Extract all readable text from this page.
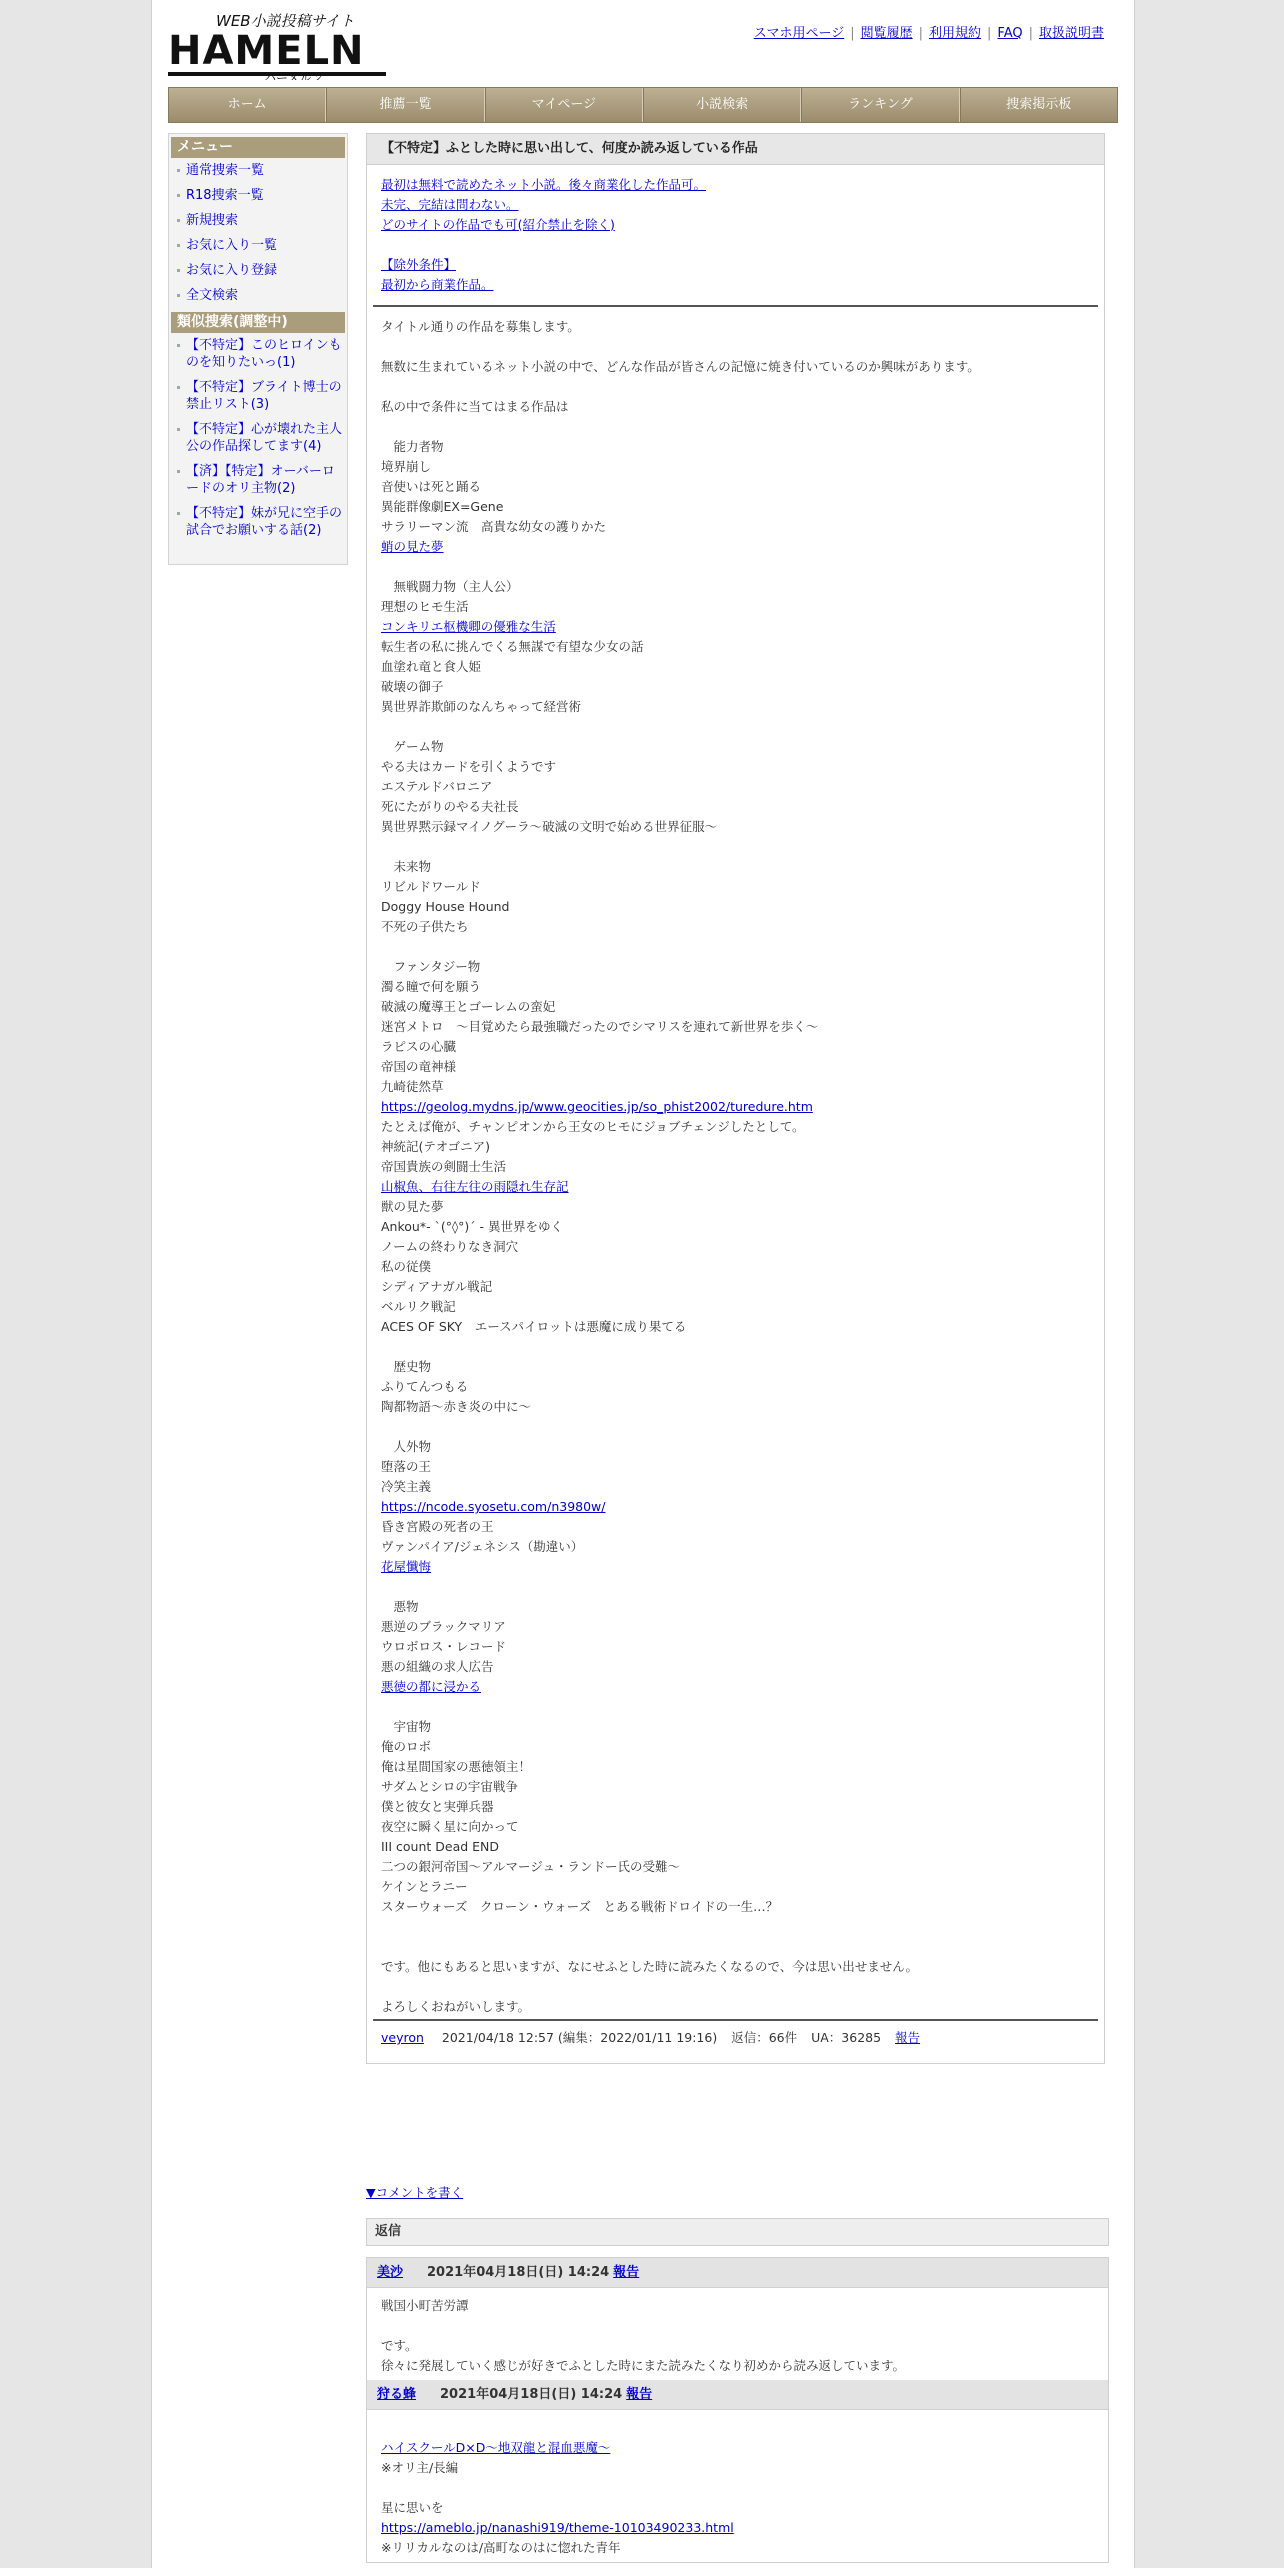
WEB小説投稿サイト
HAMELN
ハーメルン
スマホ用ページ | 閲覧履歴 | 利用規約 | FAQ | 取扱説明書
ホーム	推薦一覧	マイページ	小説検索	ランキング	捜索掲示板
メニュー
通常捜索一覧
R18捜索一覧
新規捜索
お気に入り一覧
お気に入り登録
全文検索
類似捜索(調整中)
【不特定】このヒロインものを知りたいっ(1)
【不特定】ブライト博士の禁止リスト(3)
【不特定】心が壊れた主人公の作品探してます(4)
【済】【特定】オーバーロードのオリ主物(2)
【不特定】妹が兄に空手の試合でお願いする話(2)
【不特定】ふとした時に思い出して、何度か読み返している作品
最初は無料で読めたネット小説。後々商業化した作品可。
未完、完結は問わない。
どのサイトの作品でも可(紹介禁止を除く)
【除外条件】
最初から商業作品。
タイトル通りの作品を募集します。
無数に生まれているネット小説の中で、どんな作品が皆さんの記憶に焼き付いているのか興味があります。
私の中で条件に当てはまる作品は
　能力者物
境界崩し
音使いは死と踊る
異能群像劇EX=Gene
サラリーマン流　高貴な幼女の護りかた
蛸の見た夢
　無戦闘力物（主人公）
理想のヒモ生活
コンキリエ枢機卿の優雅な生活
転生者の私に挑んでくる無謀で有望な少女の話
血塗れ竜と食人姫
破壊の御子
異世界詐欺師のなんちゃって経営術
　ゲーム物
やる夫はカードを引くようです
エステルドバロニア
死にたがりのやる夫社長
異世界黙示録マイノグーラ～破滅の文明で始める世界征服～
　未来物
リビルドワールド
Doggy House Hound
不死の子供たち
　ファンタジー物
濁る瞳で何を願う
破滅の魔導王とゴーレムの蛮妃
迷宮メトロ　～目覚めたら最強職だったのでシマリスを連れて新世界を歩く～
ラピスの心臓
帝国の竜神様
九崎徒然草
https://geolog.mydns.jp/www.geocities.jp/so_phist2002/turedure.htm
たとえば俺が、チャンピオンから王女のヒモにジョブチェンジしたとして。
神統記(テオゴニア)
帝国貴族の剣闘士生活
山椒魚、右往左往の雨隠れ生存記
獣の見た夢
Ankou*- ˋ(°◊°)ˊ - 異世界をゆく
ノームの終わりなき洞穴
私の従僕
シディアナガル戦記
ベルリク戦記
ACES OF SKY　エースパイロットは悪魔に成り果てる
　歴史物
ふりてんつもる
陶都物語～赤き炎の中に～
　人外物
堕落の王
冷笑主義
https://ncode.syosetu.com/n3980w/
昏き宮殿の死者の王
ヴァンパイア/ジェネシス（勘違い）
花屋懺悔
　悪物
悪逆のブラックマリア
ウロボロス・レコード
悪の組織の求人広告
悪徳の都に浸かる
　宇宙物
俺のロボ
俺は星間国家の悪徳領主！
サダムとシロの宇宙戦争
僕と彼女と実弾兵器
夜空に瞬く星に向かって
III count Dead END
二つの銀河帝国～アルマージュ・ランドー氏の受難～
ケインとラニー
スターウォーズ　クローン・ウォーズ　とある戦術ドロイドの一生…？
です。他にもあると思いますが、なにせふとした時に読みたくなるので、今は思い出せません。
よろしくおねがいします。
veyron 2021/04/18 12:57 (編集：2022/01/11 19:16) 返信：66件 UA：36285 報告
▼コメントを書く
返信
美沙 2021年04月18日(日) 14:24 報告
戦国小町苦労譚
です。
徐々に発展していく感じが好きでふとした時にまた読みたくなり初めから読み返しています。
狩る蜂 2021年04月18日(日) 14:24 報告
ハイスクールD×D～地双龍と混血悪魔～
※オリ主/長編
星に思いを
https://ameblo.jp/nanashi919/theme-10103490233.html
※リリカルなのは/高町なのはに惚れた青年
